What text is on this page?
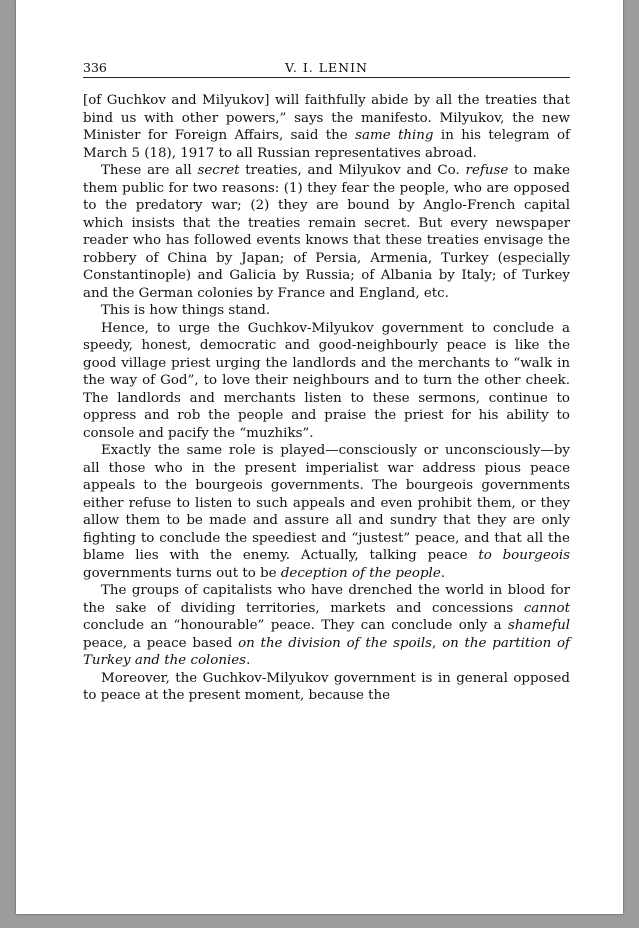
336	V. I. LENIN

[of Guchkov and Milyukov] will faithfully abide by all the treaties that bind us with other powers,” says the manifesto. Milyukov, the new Minister for Foreign Affairs, said the same thing in his telegram of March 5 (18), 1917 to all Russian representatives abroad.

These are all secret treaties, and Milyukov and Co. refuse to make them public for two reasons: (1) they fear the people, who are opposed to the predatory war; (2) they are bound by Anglo-French capital which insists that the treaties remain secret. But every newspaper reader who has followed events knows that these treaties envisage the robbery of China by Japan; of Persia, Armenia, Turkey (especially Constantinople) and Galicia by Russia; of Albania by Italy; of Turkey and the German colonies by France and England, etc.

This is how things stand.

Hence, to urge the Guchkov-Milyukov government to conclude a speedy, honest, democratic and good-neighbourly peace is like the good village priest urging the landlords and the merchants to “walk in the way of God”, to love their neighbours and to turn the other cheek. The landlords and merchants listen to these sermons, continue to oppress and rob the people and praise the priest for his ability to console and pacify the “muzhiks”.

Exactly the same role is played—consciously or unconsciously—by all those who in the present imperialist war address pious peace appeals to the bourgeois governments. The bourgeois governments either refuse to listen to such appeals and even prohibit them, or they allow them to be made and assure all and sundry that they are only fighting to conclude the speediest and “justest” peace, and that all the blame lies with the enemy. Actually, talking peace to bourgeois governments turns out to be deception of the people.

The groups of capitalists who have drenched the world in blood for the sake of dividing territories, markets and concessions cannot conclude an “honourable” peace. They can conclude only a shameful peace, a peace based on the division of the spoils, on the partition of Turkey and the colonies.

Moreover, the Guchkov-Milyukov government is in general opposed to peace at the present moment, because the
